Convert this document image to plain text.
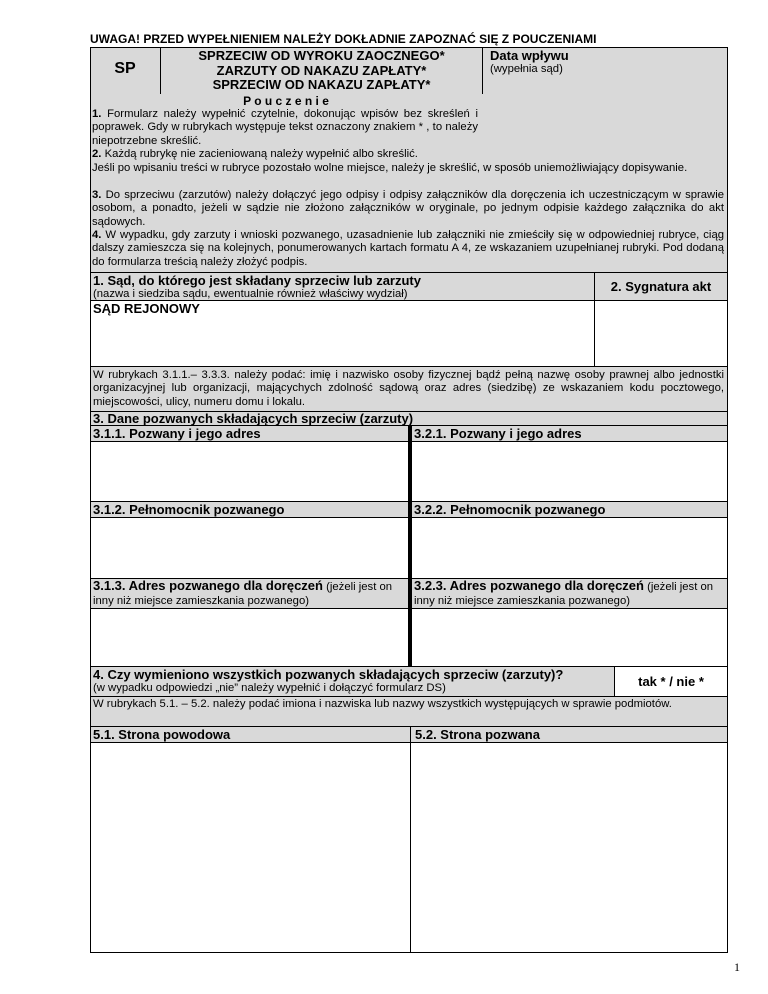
UWAGA! PRZED WYPEŁNIENIEM NALEŻY DOKŁADNIE ZAPOZNAĆ SIĘ Z POUCZENIAMI
SP
SPRZECIW OD WYROKU ZAOCZNEGO*
ZARZUTY OD NAKAZU ZAPŁATY*
SPRZECIW OD NAKAZU ZAPŁATY*
Data wpływu
(wypełnia sąd)
P o u c z e n i e
1. Formularz należy wypełnić czytelnie, dokonując wpisów bez skreśleń i poprawek. Gdy w rubrykach występuje tekst oznaczony znakiem * , to należy niepotrzebne skreślić.
2. Każdą rubrykę nie zacieniowaną należy wypełnić albo skreślić.
Jeśli po wpisaniu treści w rubryce pozostało wolne miejsce, należy je skreślić, w sposób uniemożliwiający dopisywanie.
3. Do sprzeciwu (zarzutów) należy dołączyć jego odpisy i odpisy załączników dla doręczenia ich uczestniczącym w sprawie osobom, a ponadto, jeżeli w sądzie nie złożono załączników w oryginale, po jednym odpisie każdego załącznika do akt sądowych.
4. W wypadku, gdy zarzuty i wnioski pozwanego, uzasadnienie lub załączniki nie zmieściły się w odpowiedniej rubryce, ciąg dalszy zamieszcza się na kolejnych, ponumerowanych kartach formatu A 4, ze wskazaniem uzupełnianej rubryki. Pod dodaną do formularza treścią należy złożyć podpis.
1. Sąd, do którego jest składany sprzeciw lub zarzuty
(nazwa i siedziba sądu, ewentualnie również właściwy wydział)	2. Sygnatura akt
SĄD REJONOWY
W rubrykach 3.1.1.– 3.3.3. należy podać: imię i nazwisko osoby fizycznej bądź pełną nazwę osoby prawnej albo jednostki organizacyjnej lub organizacji, mającychych zdolność sądową oraz adres (siedzibę) ze wskazaniem kodu pocztowego, miejscowości, ulicy, numeru domu i lokalu.
3. Dane pozwanych składających sprzeciw (zarzuty)
3.1.1. Pozwany i jego adres	3.2.1. Pozwany i jego adres
3.1.2. Pełnomocnik pozwanego	3.2.2. Pełnomocnik pozwanego
3.1.3. Adres pozwanego dla doręczeń (jeżeli jest on inny niż miejsce zamieszkania pozwanego)
3.2.3. Adres pozwanego dla doręczeń (jeżeli jest on inny niż miejsce zamieszkania pozwanego)
4. Czy wymieniono wszystkich pozwanych składających sprzeciw (zarzuty)?
(w wypadku odpowiedzi „nie” należy wypełnić i dołączyć formularz DS)	tak * / nie *
W rubrykach 5.1. – 5.2. należy podać imiona i nazwiska lub nazwy wszystkich występujących w sprawie podmiotów.
5.1. Strona powodowa	5.2. Strona pozwana
1
